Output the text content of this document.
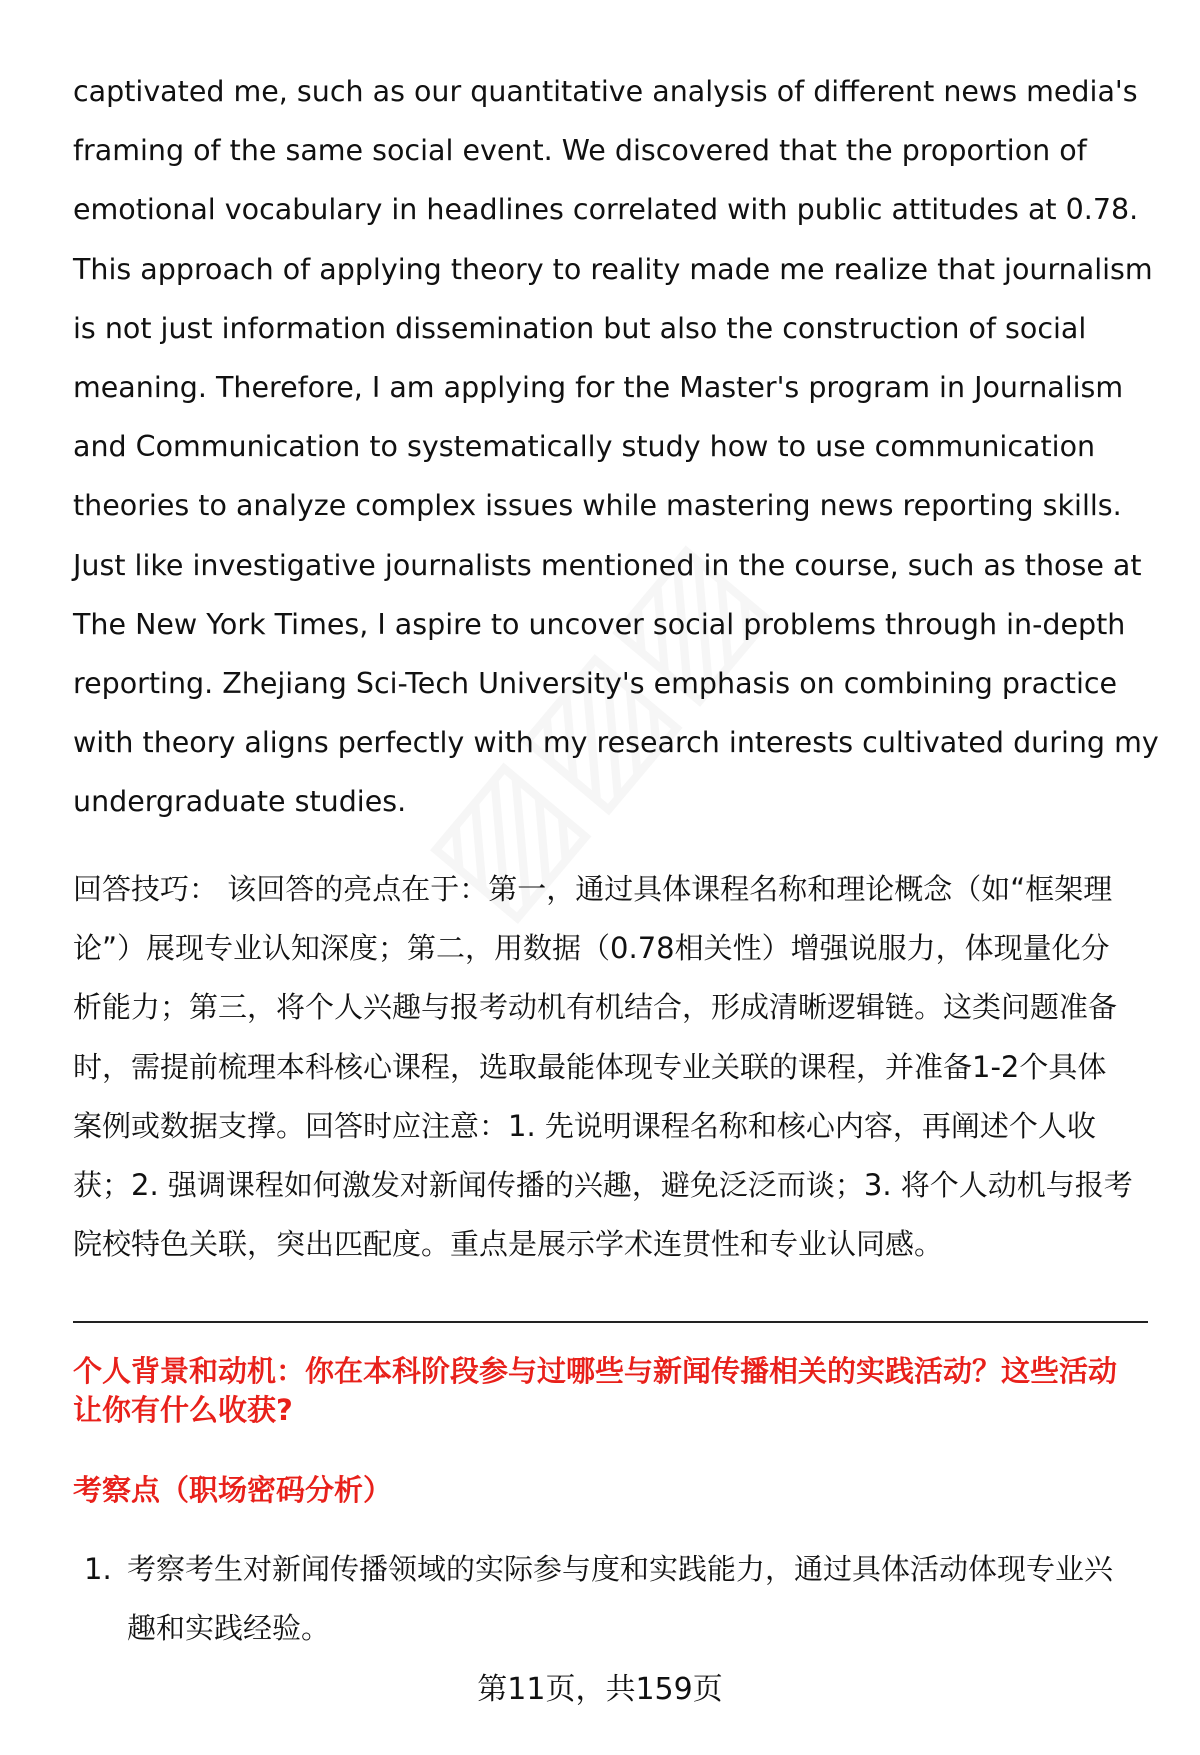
captivated me, such as our quantitative analysis of different news media's
framing of the same social event. We discovered that the proportion of
emotional vocabulary in headlines correlated with public attitudes at 0.78.
This approach of applying theory to reality made me realize that journalism
is not just information dissemination but also the construction of social
meaning. Therefore, I am applying for the Master's program in Journalism
and Communication to systematically study how to use communication
theories to analyze complex issues while mastering news reporting skills.
Just like investigative journalists mentioned in the course, such as those at
The New York Times, I aspire to uncover social problems through in-depth
reporting. Zhejiang Sci-Tech University's emphasis on combining practice
with theory aligns perfectly with my research interests cultivated during my
undergraduate studies.
回答技巧： 该回答的亮点在于：第一，通过具体课程名称和理论概念（如“框架理
论”）展现专业认知深度；第二，用数据（0.78相关性）增强说服力，体现量化分
析能力；第三，将个人兴趣与报考动机有机结合，形成清晰逻辑链。这类问题准备
时，需提前梳理本科核心课程，选取最能体现专业关联的课程，并准备1-2个具体
案例或数据支撑。回答时应注意：1. 先说明课程名称和核心内容，再阐述个人收
获；2. 强调课程如何激发对新闻传播的兴趣，避免泛泛而谈；3. 将个人动机与报考
院校特色关联，突出匹配度。重点是展示学术连贯性和专业认同感。
个人背景和动机：你在本科阶段参与过哪些与新闻传播相关的实践活动？这些活动
让你有什么收获?
考察点（职场密码分析）
1. 考察考生对新闻传播领域的实际参与度和实践能力，通过具体活动体现专业兴
趣和实践经验。
第11页，共159页
